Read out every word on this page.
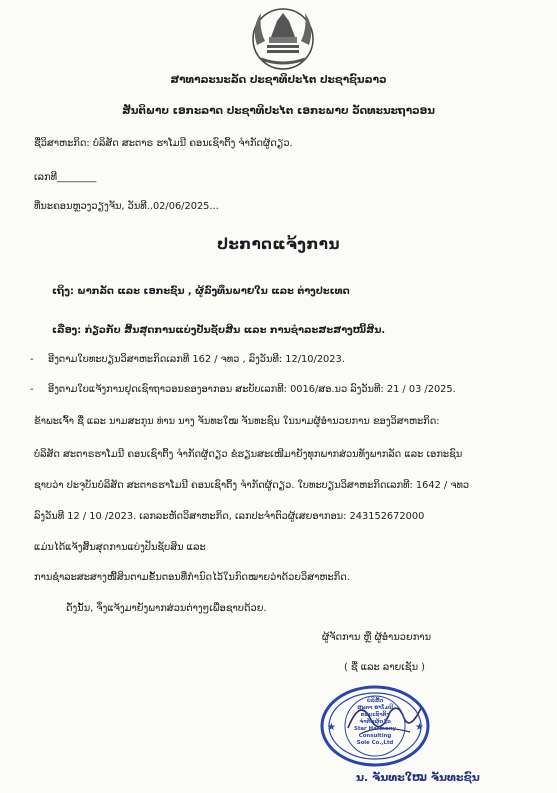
ສາທາລະນະລັດ ປະຊາທິປະໄຕ ປະຊາຊົນລາວ
ສັນຕິພາບ ເອກະລາດ ປະຊາທິປະໄຕ ເອກະພາບ ວັດທະນະຖາວອນ
ຊື່ວິສາຫະກິດ: ບໍລິສັດ ສະຕາຣ ຮາໂມນີ ຄອນເຊົາຕິ້ງ ຈຳກັດຜູ້ດຽວ.
ເລກທີ________
ທີ່ນະຄອນຫຼວງວຽງຈັນ, ວັນທີ..02/06/2025...
ປະກາດແຈ້ງການ
ເຖິງ: ພາກລັດ ແລະ ເອກະຊົນ , ຜູ້ລົງທຶນພາຍໃນ ແລະ ຕ່າງປະເທດ
ເລື່ອງ: ກ່ຽວກັບ ສິ້ນສຸດການແບ່ງປັນຊັບສິນ ແລະ ການຊຳລະສະສາງໜີ້ສິນ.
- ອີງຕາມໃບທະບຽນວິສາຫະກິດເລກທີ 162 / ຈທວ , ລົງວັນທີ: 12/10/2023.
- ອີງຕາມໃບແຈ້ງການຢຸດເຊົາຖາວອນຂອງອາກອນ ສະບັບເລກທີ: 0016/ສອ.ນວ ລົງວັນທີ: 21 / 03 /2025.
ຂ້າພະເຈົ້າ ຊື່ ແລະ ນາມສະກຸນ ທ່ານ ນາງ ຈັນທະໃໝ ຈັນທະຊົນ ໃນນາມຜູ້ອຳນວຍການ ຂອງວິສາຫະກິດ:
ບໍລິສັດ ສະຕາຣຮາໂມນີ ຄອນເຊົາຕິ້ງ ຈຳກັດຜູ້ດຽວ ຂໍຮຽນສະເໜີມາຍັງທຸກພາກສ່ວນທັງພາກລັດ ແລະ ເອກະຊົນ
ຊາບວ່າ ປະຈຸບັນບໍລິສັດ ສະຕາຣຮາໂມນີ ຄອນເຊົາຕິ້ງ ຈຳກັດຜູ້ດຽວ. ໃບທະບຽນວິສາຫະກິດເລກທີ: 1642 / ຈທວ
ລົງວັນທີ 12 / 10 /2023. ເລກລະຫັດວິສາຫະກິດ, ເລກປະຈຳຕົວຜູ້ເສຍອາກອນ: 243152672000
ແມ່ນໄດ້ແຈ້ງສິ້ນສຸດການແບ່ງປັນຊັບສິນ ແລະ
ການຊຳລະສະສາງໜີ້ສິນຕາມຂັ້ນຕອນທີ່ກຳນົດໄວ້ໃນກົດໝາຍວ່າດ້ວຍວິສາຫະກິດ.
ດັ່ງນັ້ນ, ຈຶ່ງແຈ້ງມາຍັງພາກສ່ວນຕ່າງໆເພື່ອຊາບດ້ວຍ.
ຜູ້ຈັດການ ຫຼື ຜູ້ອຳນວຍການ
( ຊື່ ແລະ ລາຍເຊັນ )
★	★
ບໍລິສັດ
ສະຕາ ຮາໂມນີ
ຄອນເຊົາຕິ້ງ
ຈຳກັດຜູ້ດຽວ
Star Harmony
Consulting
Sole Co.,Ltd
ນ. ຈັນທະໃໝ ຈັນທະຊົນ
